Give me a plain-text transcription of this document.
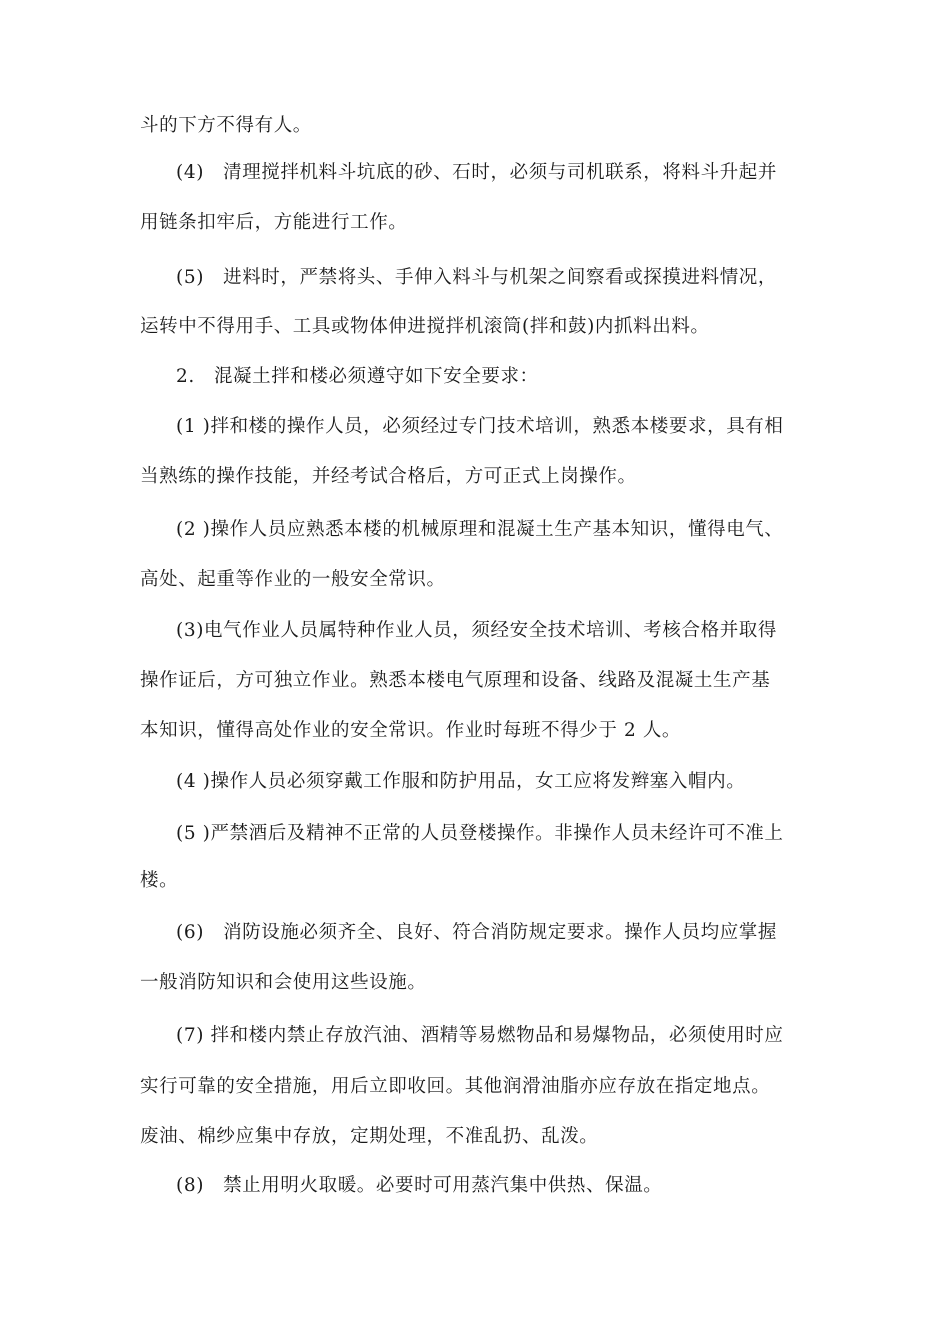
斗的下方不得有人。
(4)　清理搅拌机料斗坑底的砂、石时，必须与司机联系，将料斗升起并
用链条扣牢后，方能进行工作。
(5)　进料时，严禁将头、手伸入料斗与机架之间察看或探摸进料情况，
运转中不得用手、工具或物体伸进搅拌机滚筒(拌和鼓)内抓料出料。
2.　混凝土拌和楼必须遵守如下安全要求：
(1 )拌和楼的操作人员，必须经过专门技术培训，熟悉本楼要求，具有相
当熟练的操作技能，并经考试合格后，方可正式上岗操作。
(2 )操作人员应熟悉本楼的机械原理和混凝土生产基本知识，懂得电气、
高处、起重等作业的一般安全常识。
(3)电气作业人员属特种作业人员，须经安全技术培训、考核合格并取得
操作证后，方可独立作业。熟悉本楼电气原理和设备、线路及混凝土生产基
本知识，懂得高处作业的安全常识。作业时每班不得少于 2 人。
(4 )操作人员必须穿戴工作服和防护用品，女工应将发辫塞入帽内。
(5 )严禁酒后及精神不正常的人员登楼操作。非操作人员未经许可不准上
楼。
(6)　消防设施必须齐全、良好、符合消防规定要求。操作人员均应掌握
一般消防知识和会使用这些设施。
(7) 拌和楼内禁止存放汽油、酒精等易燃物品和易爆物品，必须使用时应
实行可靠的安全措施，用后立即收回。其他润滑油脂亦应存放在指定地点。
废油、棉纱应集中存放，定期处理，不准乱扔、乱泼。
(8)　禁止用明火取暖。必要时可用蒸汽集中供热、保温。
